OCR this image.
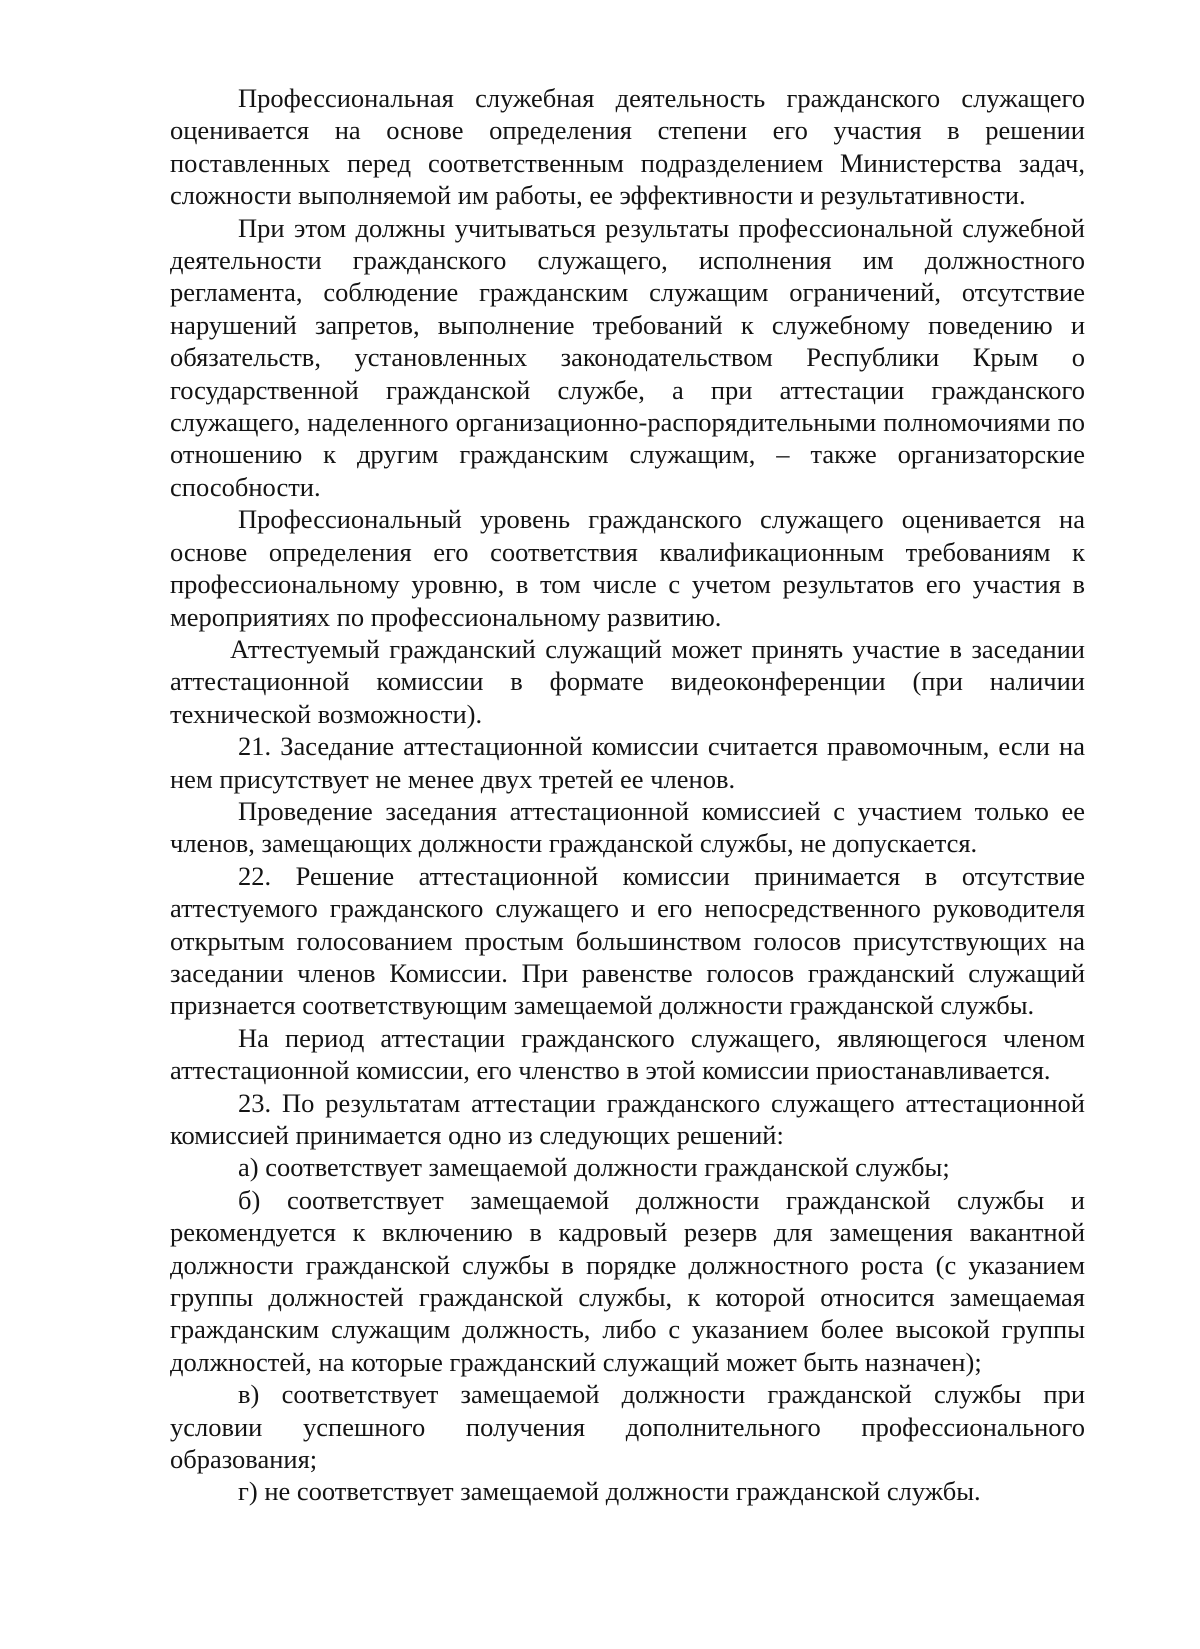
Профессиональная служебная деятельность гражданского служащего оценивается на основе определения степени его участия в решении поставленных перед соответственным подразделением Министерства задач, сложности выполняемой им работы, ее эффективности и результативности.

При этом должны учитываться результаты профессиональной служебной деятельности гражданского служащего, исполнения им должностного регламента, соблюдение гражданским служащим ограничений, отсутствие нарушений запретов, выполнение требований к служебному поведению и обязательств, установленных законодательством Республики Крым о государственной гражданской службе, а при аттестации гражданского служащего, наделенного организационно-распорядительными полномочиями по отношению к другим гражданским служащим, – также организаторские способности.

Профессиональный уровень гражданского служащего оценивается на основе определения его соответствия квалификационным требованиям к профессиональному уровню, в том числе с учетом результатов его участия в мероприятиях по профессиональному развитию.

Аттестуемый гражданский служащий может принять участие в заседании аттестационной комиссии в формате видеоконференции (при наличии технической возможности).

21. Заседание аттестационной комиссии считается правомочным, если на нем присутствует не менее двух третей ее членов.

Проведение заседания аттестационной комиссией с участием только ее членов, замещающих должности гражданской службы, не допускается.

22. Решение аттестационной комиссии принимается в отсутствие аттестуемого гражданского служащего и его непосредственного руководителя открытым голосованием простым большинством голосов присутствующих на заседании членов Комиссии. При равенстве голосов гражданский служащий признается соответствующим замещаемой должности гражданской службы.

На период аттестации гражданского служащего, являющегося членом аттестационной комиссии, его членство в этой комиссии приостанавливается.

23. По результатам аттестации гражданского служащего аттестационной комиссией принимается одно из следующих решений:

а) соответствует замещаемой должности гражданской службы;

б) соответствует замещаемой должности гражданской службы и рекомендуется к включению в кадровый резерв для замещения вакантной должности гражданской службы в порядке должностного роста (с указанием группы должностей гражданской службы, к которой относится замещаемая гражданским служащим должность, либо с указанием более высокой группы должностей, на которые гражданский служащий может быть назначен);

в) соответствует замещаемой должности гражданской службы при условии успешного получения дополнительного профессионального образования;

г) не соответствует замещаемой должности гражданской службы.
